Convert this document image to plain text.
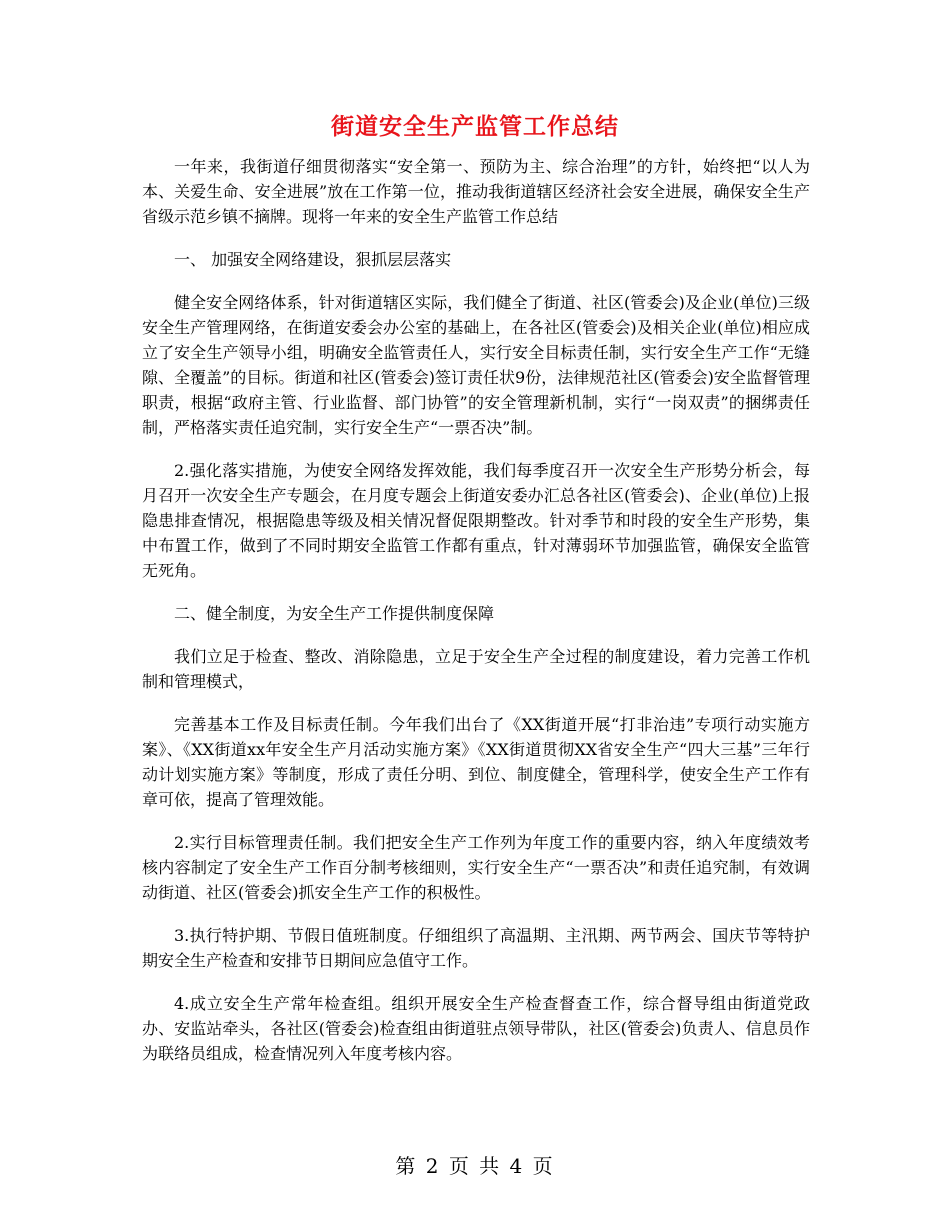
街道安全生产监管工作总结

一年来，我街道仔细贯彻落实“安全第一、预防为主、综合治理”的方针，始终把“以人为本、关爱生命、安全进展”放在工作第一位，推动我街道辖区经济社会安全进展，确保安全生产省级示范乡镇不摘牌。现将一年来的安全生产监管工作总结

一、 加强安全网络建设，狠抓层层落实

健全安全网络体系，针对街道辖区实际，我们健全了街道、社区(管委会)及企业(单位)三级安全生产管理网络，在街道安委会办公室的基础上，在各社区(管委会)及相关企业(单位)相应成立了安全生产领导小组，明确安全监管责任人，实行安全目标责任制，实行安全生产工作“无缝隙、全覆盖”的目标。街道和社区(管委会)签订责任状9份，法律规范社区(管委会)安全监督管理职责，根据“政府主管、行业监督、部门协管”的安全管理新机制，实行“一岗双责”的捆绑责任制，严格落实责任追究制，实行安全生产“一票否决”制。

2.强化落实措施，为使安全网络发挥效能，我们每季度召开一次安全生产形势分析会，每月召开一次安全生产专题会，在月度专题会上街道安委办汇总各社区(管委会)、企业(单位)上报隐患排查情况，根据隐患等级及相关情况督促限期整改。针对季节和时段的安全生产形势，集中布置工作，做到了不同时期安全监管工作都有重点，针对薄弱环节加强监管，确保安全监管无死角。

二、健全制度，为安全生产工作提供制度保障

我们立足于检查、整改、消除隐患，立足于安全生产全过程的制度建设，着力完善工作机制和管理模式，

完善基本工作及目标责任制。今年我们出台了《XX街道开展“打非治违”专项行动实施方案》、《XX街道xx年安全生产月活动实施方案》《XX街道贯彻XX省安全生产“四大三基”三年行动计划实施方案》等制度，形成了责任分明、到位、制度健全，管理科学，使安全生产工作有章可依，提高了管理效能。

2.实行目标管理责任制。我们把安全生产工作列为年度工作的重要内容，纳入年度绩效考核内容制定了安全生产工作百分制考核细则，实行安全生产“一票否决”和责任追究制，有效调动街道、社区(管委会)抓安全生产工作的积极性。

3.执行特护期、节假日值班制度。仔细组织了高温期、主汛期、两节两会、国庆节等特护期安全生产检查和安排节日期间应急值守工作。

4.成立安全生产常年检查组。组织开展安全生产检查督查工作，综合督导组由街道党政办、安监站牵头，各社区(管委会)检查组由街道驻点领导带队，社区(管委会)负责人、信息员作为联络员组成，检查情况列入年度考核内容。

第 2 页 共 4 页
